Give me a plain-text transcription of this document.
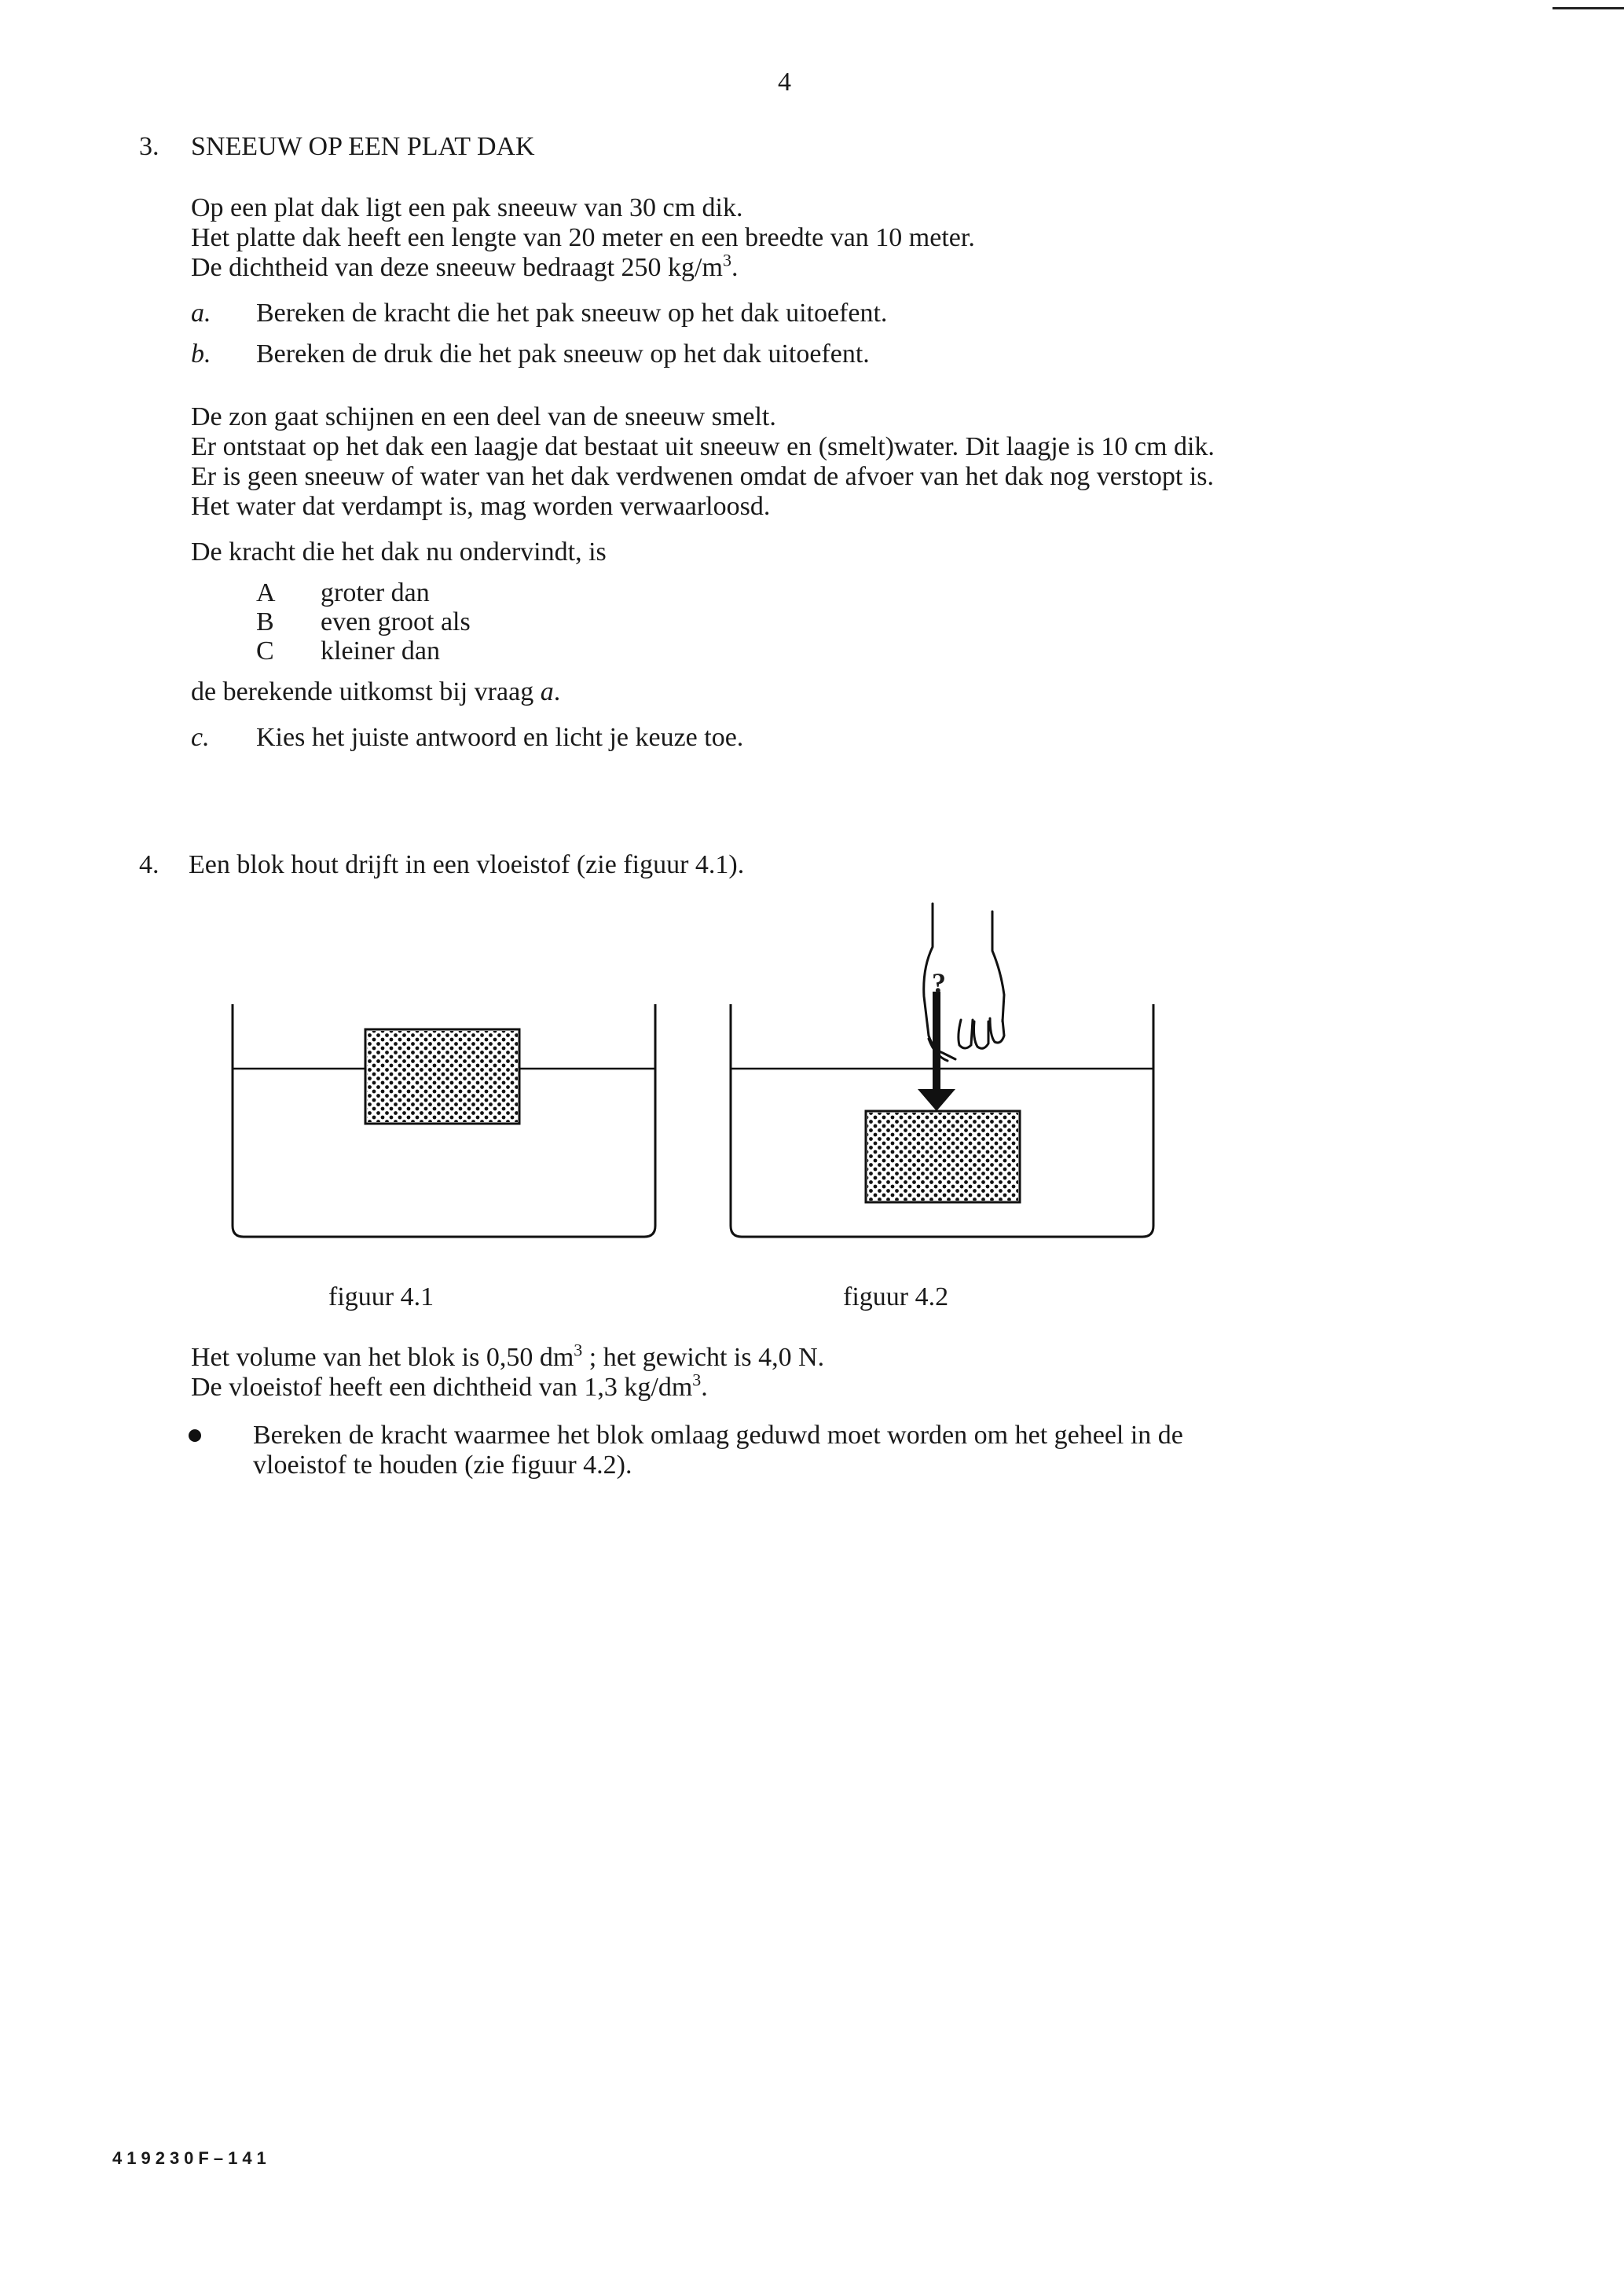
4
3. SNEEUW OP EEN PLAT DAK
Op een plat dak ligt een pak sneeuw van 30 cm dik.
Het platte dak heeft een lengte van 20 meter en een breedte van 10 meter.
De dichtheid van deze sneeuw bedraagt 250 $kg/m^3$.
a. Bereken de kracht die het pak sneeuw op het dak uitoefent.
b. Bereken de druk die het pak sneeuw op het dak uitoefent.
De zon gaat schijnen en een deel van de sneeuw smelt.
Er ontstaat op het dak een laagje dat bestaat uit sneeuw en (smelt)water. Dit laagje is 10 cm dik.
Er is geen sneeuw of water van het dak verdwenen omdat de afvoer van het dak nog verstopt is.
Het water dat verdampt is, mag worden verwaarloosd.
De kracht die het dak nu ondervindt, is
A groter dan
B even groot als
C kleiner dan
de berekende uitkomst bij vraag a.
c. Kies het juiste antwoord en licht je keuze toe.
4. Een blok hout drijft in een vloeistof (zie figuur 4.1).
?
figuur 4.1	figuur 4.2
Het volume van het blok is 0,50 $dm^3$ ; het gewicht is 4,0 N.
De vloeistof heeft een dichtheid van 1,3 $kg/dm^3$.
Bereken de kracht waarmee het blok omlaag geduwd moet worden om het geheel in de
vloeistof te houden (zie figuur 4.2).
419230F–141
